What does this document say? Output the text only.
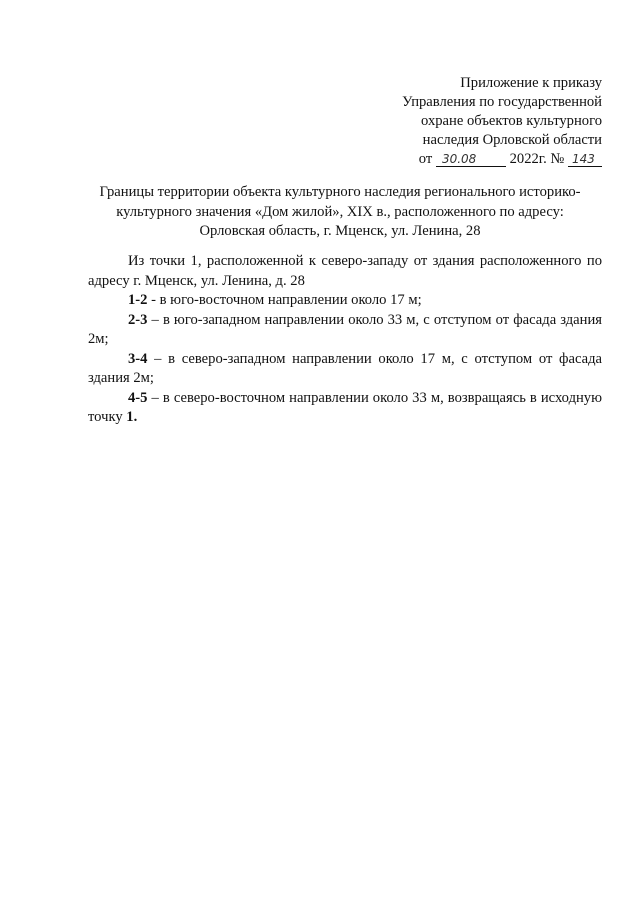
Приложение к приказу
Управления по государственной
охране объектов культурного
наследия Орловской области
от 30.08 2022г. № 143
Границы территории объекта культурного наследия регионального историко-
культурного значения «Дом жилой», XIX в., расположенного по адресу:
Орловская область, г. Мценск, ул. Ленина, 28

Из точки 1, расположенной к северо-западу от здания расположенного по адресу г. Мценск, ул. Ленина, д. 28

1-2 - в юго-восточном направлении около 17 м;

2-3 – в юго-западном направлении около 33 м, с отступом от фасада здания 2м;

3-4 – в северо-западном направлении около 17 м, с отступом от фасада здания 2м;

4-5 – в северо-восточном направлении около 33 м, возвращаясь в исходную точку 1.
